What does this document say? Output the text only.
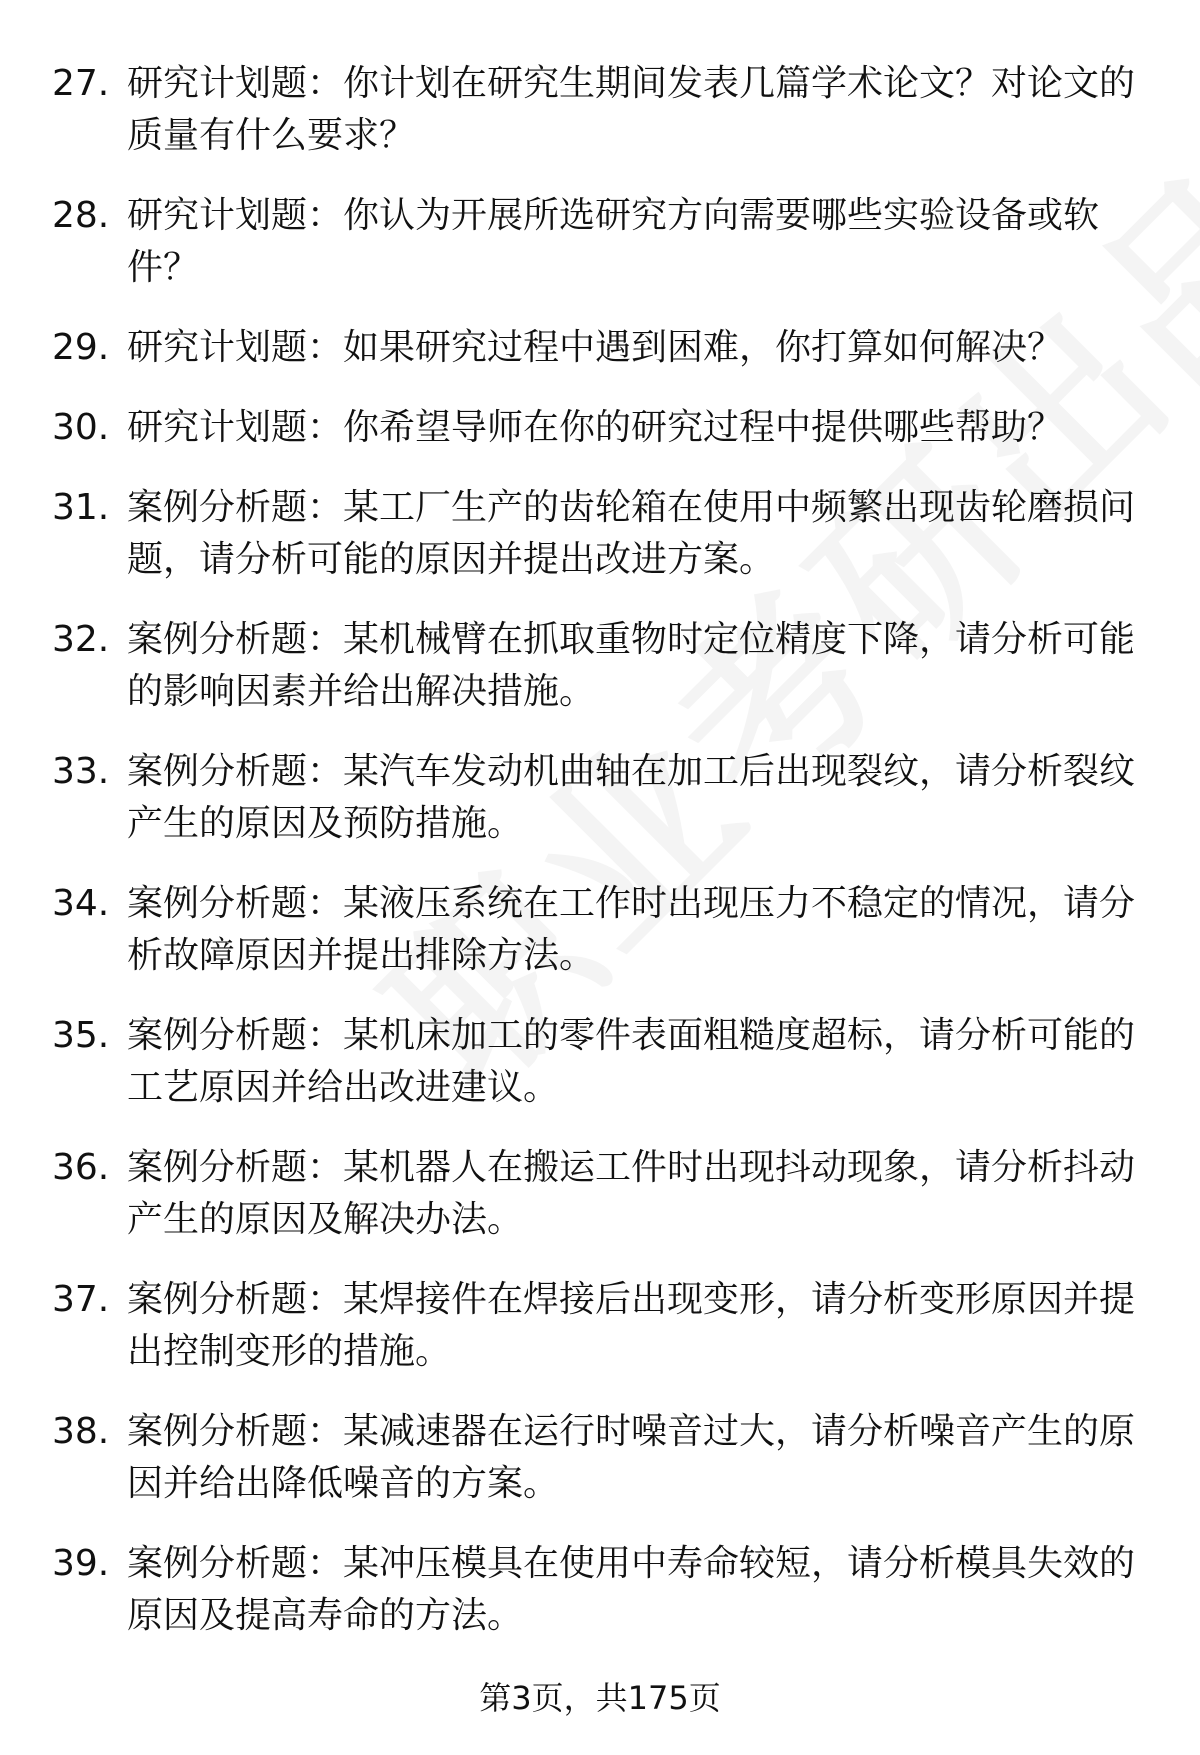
27. 研究计划题：你计划在研究生期间发表几篇学术论文？对论文的质量有什么要求？
28. 研究计划题：你认为开展所选研究方向需要哪些实验设备或软件？
29. 研究计划题：如果研究过程中遇到困难，你打算如何解决？
30. 研究计划题：你希望导师在你的研究过程中提供哪些帮助？
31. 案例分析题：某工厂生产的齿轮箱在使用中频繁出现齿轮磨损问题，请分析可能的原因并提出改进方案。
32. 案例分析题：某机械臂在抓取重物时定位精度下降，请分析可能的影响因素并给出解决措施。
33. 案例分析题：某汽车发动机曲轴在加工后出现裂纹，请分析裂纹产生的原因及预防措施。
34. 案例分析题：某液压系统在工作时出现压力不稳定的情况，请分析故障原因并提出排除方法。
35. 案例分析题：某机床加工的零件表面粗糙度超标，请分析可能的工艺原因并给出改进建议。
36. 案例分析题：某机器人在搬运工件时出现抖动现象，请分析抖动产生的原因及解决办法。
37. 案例分析题：某焊接件在焊接后出现变形，请分析变形原因并提出控制变形的措施。
38. 案例分析题：某减速器在运行时噪音过大，请分析噪音产生的原因并给出降低噪音的方案。
39. 案例分析题：某冲压模具在使用中寿命较短，请分析模具失效的原因及提高寿命的方法。
第3页，共175页
